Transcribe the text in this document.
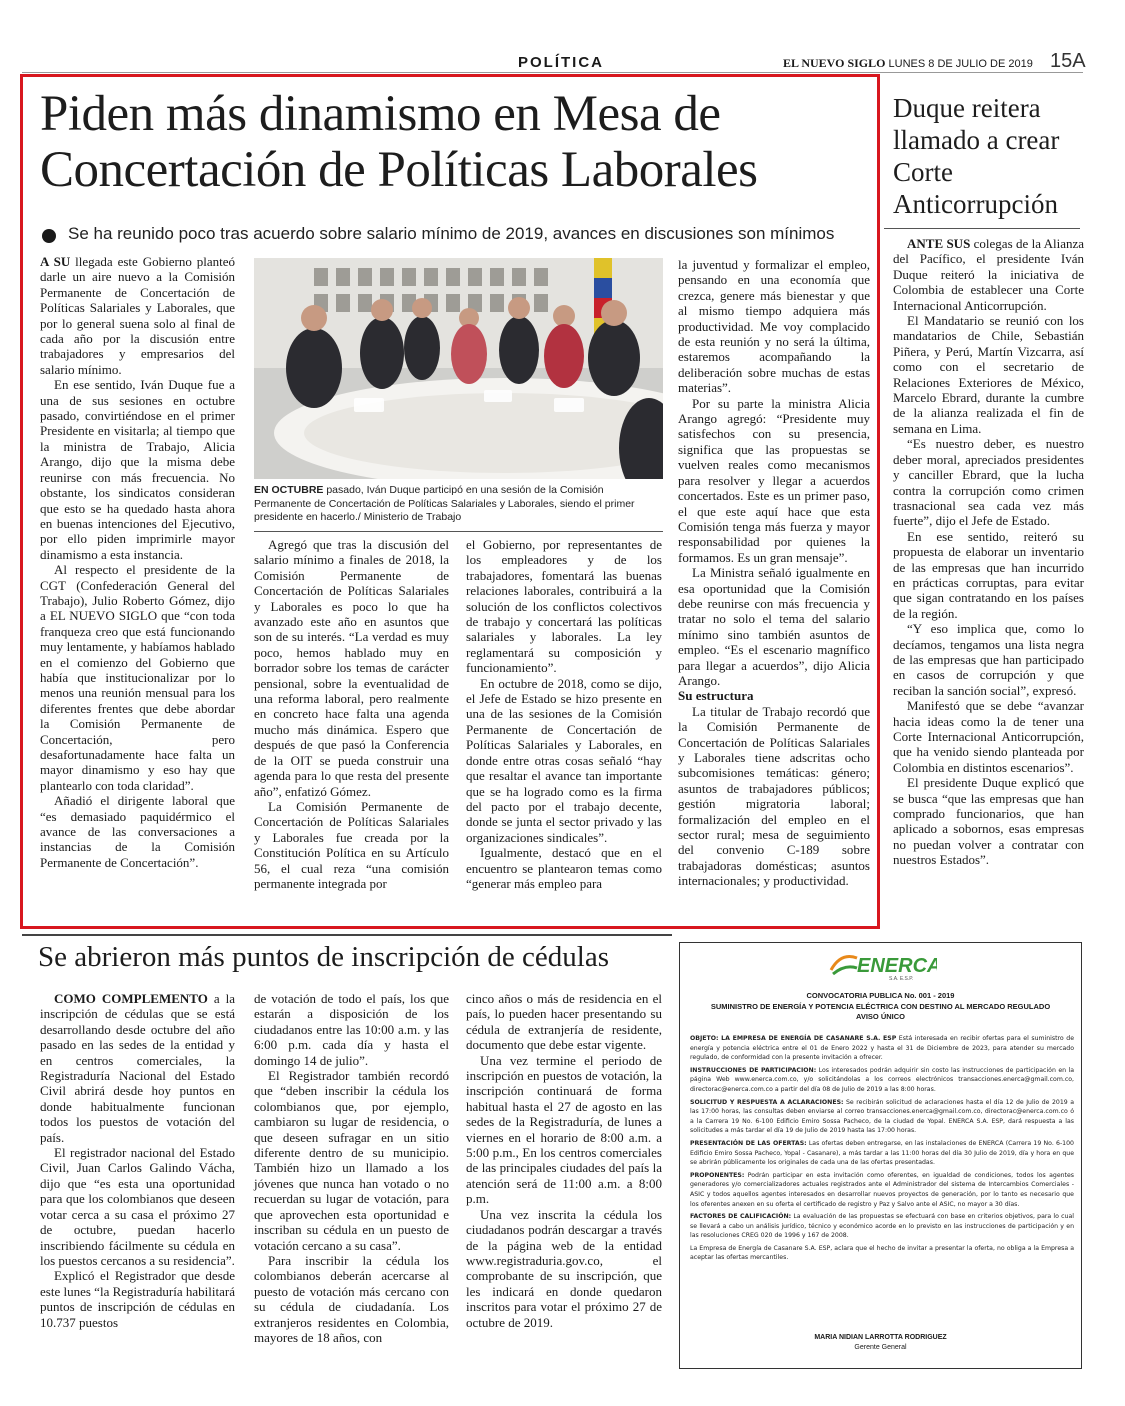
POLÍTICA	EL NUEVO SIGLO LUNES 8 DE JULIO DE 2019 15A
Piden más dinamismo en Mesa de Concertación de Políticas Laborales
Se ha reunido poco tras acuerdo sobre salario mínimo de 2019, avances en discusiones son mínimos

A SU llegada este Gobierno planteó darle un aire nuevo a la Comisión Permanente de Concertación de Políticas Salariales y Laborales, que por lo general suena solo al final de cada año por la discusión entre trabajadores y empresarios del salario mínimo.

En ese sentido, Iván Duque fue a una de sus sesiones en octubre pasado, convirtiéndose en el primer Presidente en visitarla; al tiempo que la ministra de Trabajo, Alicia Arango, dijo que la misma debe reunirse con más frecuencia. No obstante, los sindicatos consideran que esto se ha quedado hasta ahora en buenas intenciones del Ejecutivo, por ello piden imprimirle mayor dinamismo a esta instancia.

Al respecto el presidente de la CGT (Confederación General del Trabajo), Julio Roberto Gómez, dijo a EL NUEVO SIGLO que “con toda franqueza creo que está funcionando muy lentamente, y habíamos hablado en el comienzo del Gobierno que había que institucionalizar por lo menos una reunión mensual para los diferentes frentes que debe abordar la Comisión Permanente de Concertación, pero desafortunadamente hace falta un mayor dinamismo y eso hay que plantearlo con toda claridad”.

Añadió el dirigente laboral que “es demasiado paquidérmico el avance de las conversaciones a instancias de la Comisión Permanente de Concertación”.

EN OCTUBRE pasado, Iván Duque participó en una sesión de la Comisión Permanente de Concertación de Políticas Salariales y Laborales, siendo el primer presidente en hacerlo./ Ministerio de Trabajo

Agregó que tras la discusión del salario mínimo a finales de 2018, la Comisión Permanente de Concertación de Políticas Salariales y Laborales es poco lo que ha avanzado este año en asuntos que son de su interés. “La verdad es muy poco, hemos hablado muy en borrador sobre los temas de carácter pensional, sobre la eventualidad de una reforma laboral, pero realmente en concreto hace falta una agenda mucho más dinámica. Espero que después de que pasó la Conferencia de la OIT se pueda construir una agenda para lo que resta del presente año”, enfatizó Gómez.

La Comisión Permanente de Concertación de Políticas Salariales y Laborales fue creada por la Constitución Política en su Artículo 56, el cual reza “una comisión permanente integrada por

el Gobierno, por representantes de los empleadores y de los trabajadores, fomentará las buenas relaciones laborales, contribuirá a la solución de los conflictos colectivos de trabajo y concertará las políticas salariales y laborales. La ley reglamentará su composición y funcionamiento”.

En octubre de 2018, como se dijo, el Jefe de Estado se hizo presente en una de las sesiones de la Comisión Permanente de Concertación de Políticas Salariales y Laborales, en donde entre otras cosas señaló “hay que resaltar el avance tan importante que se ha logrado como es la firma del pacto por el trabajo decente, donde se junta el sector privado y las organizaciones sindicales”.

Igualmente, destacó que en el encuentro se plantearon temas como “generar más empleo para

la juventud y formalizar el empleo, pensando en una economía que crezca, genere más bienestar y que al mismo tiempo adquiera más productividad. Me voy complacido de esta reunión y no será la última, estaremos acompañando la deliberación sobre muchas de estas materias”.

Por su parte la ministra Alicia Arango agregó: “Presidente muy satisfechos con su presencia, significa que las propuestas se vuelven reales como mecanismos para resolver y llegar a acuerdos concertados. Este es un primer paso, el que este aquí hace que esta Comisión tenga más fuerza y mayor responsabilidad por quienes la formamos. Es un gran mensaje”.

La Ministra señaló igualmente en esa oportunidad que la Comisión debe reunirse con más frecuencia y tratar no solo el tema del salario mínimo sino también asuntos de empleo. “Es el escenario magnífico para llegar a acuerdos”, dijo Alicia Arango.

Su estructura

La titular de Trabajo recordó que la Comisión Permanente de Concertación de Políticas Salariales y Laborales tiene adscritas ocho subcomisiones temáticas: género; asuntos de trabajadores públicos; gestión migratoria laboral; formalización del empleo en el sector rural; mesa de seguimiento del convenio C-189 sobre trabajadoras domésticas; asuntos internacionales; y productividad.

Duque reitera llamado a crear Corte Anticorrupción

ANTE SUS colegas de la Alianza del Pacífico, el presidente Iván Duque reiteró la iniciativa de Colombia de establecer una Corte Internacional Anticorrupción.

El Mandatario se reunió con los mandatarios de Chile, Sebastián Piñera, y Perú, Martín Vizcarra, así como con el secretario de Relaciones Exteriores de México, Marcelo Ebrard, durante la cumbre de la alianza realizada el fin de semana en Lima.

“Es nuestro deber, es nuestro deber moral, apreciados presidentes y canciller Ebrard, que la lucha contra la corrupción como crimen trasnacional sea cada vez más fuerte”, dijo el Jefe de Estado.

En ese sentido, reiteró su propuesta de elaborar un inventario de las empresas que han incurrido en prácticas corruptas, para evitar que sigan contratando en los países de la región.

“Y eso implica que, como lo decíamos, tengamos una lista negra de las empresas que han participado en casos de corrupción y que reciban la sanción social”, expresó.

Manifestó que se debe “avanzar hacia ideas como la de tener una Corte Internacional Anticorrupción, que ha venido siendo planteada por Colombia en distintos escenarios”.

El presidente Duque explicó que se busca “que las empresas que han comprado funcionarios, que han aplicado a sobornos, esas empresas no puedan volver a contratar con nuestros Estados”.

Se abrieron más puntos de inscripción de cédulas

COMO COMPLEMENTO a la inscripción de cédulas que se está desarrollando desde octubre del año pasado en las sedes de la entidad y en centros comerciales, la Registraduría Nacional del Estado Civil abrirá desde hoy puntos en donde habitualmente funcionan todos los puestos de votación del país.

El registrador nacional del Estado Civil, Juan Carlos Galindo Vácha, dijo que “es esta una oportunidad para que los colombianos que deseen votar cerca a su casa el próximo 27 de octubre, puedan hacerlo inscribiendo fácilmente su cédula en los puestos cercanos a su residencia”.

Explicó el Registrador que desde este lunes “la Registraduría habilitará puntos de inscripción de cédulas en 10.737 puestos

de votación de todo el país, los que estarán a disposición de los ciudadanos entre las 10:00 a.m. y las 6:00 p.m. cada día y hasta el domingo 14 de julio”.

El Registrador también recordó que “deben inscribir la cédula los colombianos que, por ejemplo, cambiaron su lugar de residencia, o que deseen sufragar en un sitio diferente dentro de su municipio. También hizo un llamado a los jóvenes que nunca han votado o no recuerdan su lugar de votación, para que aprovechen esta oportunidad e inscriban su cédula en un puesto de votación cercano a su casa”.

Para inscribir la cédula los colombianos deberán acercarse al puesto de votación más cercano con su cédula de ciudadanía. Los extranjeros residentes en Colombia, mayores de 18 años, con

cinco años o más de residencia en el país, lo pueden hacer presentando su cédula de extranjería de residente, documento que debe estar vigente.

Una vez termine el periodo de inscripción en puestos de votación, la inscripción continuará de forma habitual hasta el 27 de agosto en las sedes de la Registraduría, de lunes a viernes en el horario de 8:00 a.m. a 5:00 p.m., En los centros comerciales de las principales ciudades del país la atención será de 11:00 a.m. a 8:00 p.m.

Una vez inscrita la cédula los ciudadanos podrán descargar a través de la página web de la entidad www.registraduria.gov.co, el comprobante de su inscripción, que les indicará en donde quedaron inscritos para votar el próximo 27 de octubre de 2019.

ENERCA
S.A. E.S.P.
CONVOCATORIA PUBLICA No. 001 - 2019
SUMINISTRO DE ENERGÍA Y POTENCIA ELÉCTRICA CON DESTINO AL MERCADO REGULADO
AVISO ÚNICO

OBJETO: LA EMPRESA DE ENERGÍA DE CASANARE S.A. ESP Está interesada en recibir ofertas para el suministro de energía y potencia eléctrica entre el 01 de Enero 2022 y hasta el 31 de Diciembre de 2023, para atender su mercado regulado, de conformidad con la presente invitación a ofrecer.

INSTRUCCIONES DE PARTICIPACION: Los interesados podrán adquirir sin costo las instrucciones de participación en la página Web www.enerca.com.co, y/o solicitándolas a los correos electrónicos transacciones.enerca@gmail.com.co, directorac@enerca.com.co a partir del día 08 de Julio de 2019 a las 8:00 horas.

SOLICITUD Y RESPUESTA A ACLARACIONES: Se recibirán solicitud de aclaraciones hasta el día 12 de Julio de 2019 a las 17:00 horas, las consultas deben enviarse al correo transacciones.enerca@gmail.com.co, directorac@enerca.com.co ó a la Carrera 19 No. 6-100 Edificio Emiro Sossa Pacheco, de la ciudad de Yopal. ENERCA S.A. ESP, dará respuesta a las solicitudes a más tardar el día 19 de Julio de 2019 hasta las 17:00 horas.

PRESENTACIÓN DE LAS OFERTAS: Las ofertas deben entregarse, en las instalaciones de ENERCA (Carrera 19 No. 6-100 Edificio Emiro Sossa Pacheco, Yopal - Casanare), a más tardar a las 11:00 horas del día 30 Julio de 2019, día y hora en que se abrirán públicamente los originales de cada una de las ofertas presentadas.

PROPONENTES: Podrán participar en esta invitación como oferentes, en igualdad de condiciones, todos los agentes generadores y/o comercializadores actuales registrados ante el Administrador del sistema de Intercambios Comerciales - ASIC y todos aquellos agentes interesados en desarrollar nuevos proyectos de generación, por lo tanto es necesario que los oferentes anexen en su oferta el certificado de registro y Paz y Salvo ante el ASIC, no mayor a 30 días.

FACTORES DE CALIFICACIÓN: La evaluación de las propuestas se efectuará con base en criterios objetivos, para lo cual se llevará a cabo un análisis jurídico, técnico y económico acorde en lo previsto en las instrucciones de participación y en las resoluciones CREG 020 de 1996 y 167 de 2008.

La Empresa de Energía de Casanare S.A. ESP, aclara que el hecho de invitar a presentar la oferta, no obliga a la Empresa a aceptar las ofertas mercantiles.

MARIA NIDIAN LARROTTA RODRIGUEZ
Gerente General
